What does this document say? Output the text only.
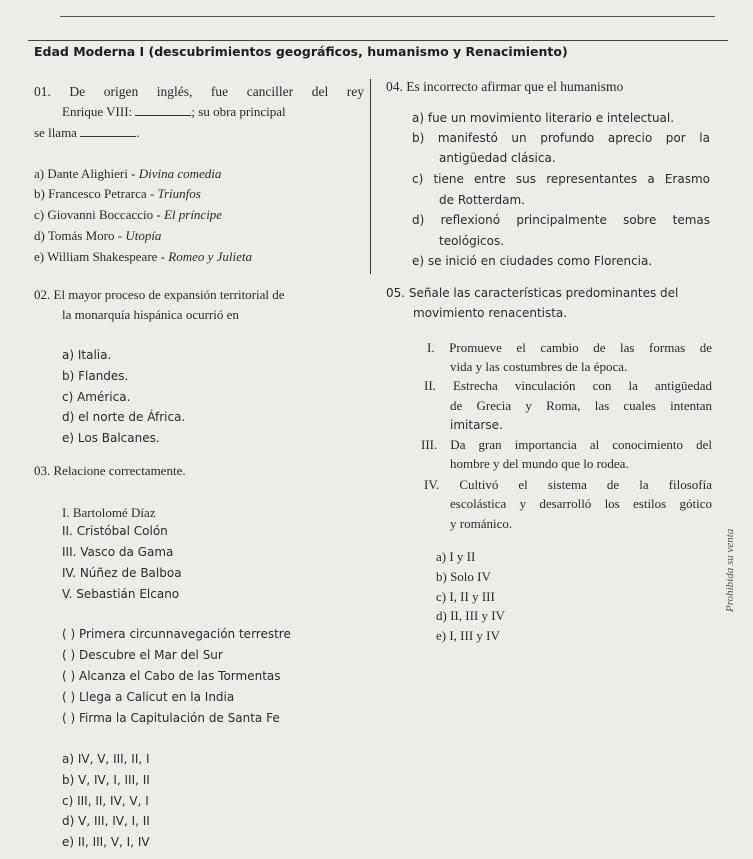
Edad Moderna I (descubrimientos geográficos, humanismo y Renacimiento)
01. De origen inglés, fue canciller del rey
Enrique VIII:	; su obra principal
se llama	.
a) Dante Alighieri - Divina comedia
b) Francesco Petrarca - Triunfos
c) Giovanni Boccaccio - El príncipe
d) Tomás Moro - Utopía
e) William Shakespeare - Romeo y Julieta
02. El mayor proceso de expansión territorial de
la monarquía hispánica ocurrió en
a) Italia.
b) Flandes.
c) América.
d) el norte de África.
e) Los Balcanes.
03. Relacione correctamente.
I. Bartolomé Díaz
II. Cristóbal Colón
III. Vasco da Gama
IV. Núñez de Balboa
V. Sebastián Elcano
( ) Primera circunnavegación terrestre
( ) Descubre el Mar del Sur
( ) Alcanza el Cabo de las Tormentas
( ) Llega a Calicut en la India
( ) Firma la Capitulación de Santa Fe
a) IV, V, III, II, I
b) V, IV, I, III, II
c) III, II, IV, V, I
d) V, III, IV, I, II
e) II, III, V, I, IV
04. Es incorrecto afirmar que el humanismo
a) fue un movimiento literario e intelectual.
b) manifestó un profundo aprecio por la
antigüedad clásica.
c) tiene entre sus representantes a Erasmo
de Rotterdam.
d) reflexionó principalmente sobre temas
teológicos.
e) se inició en ciudades como Florencia.
05. Señale las características predominantes del
movimiento renacentista.
I. Promueve el cambio de las formas de
vida y las costumbres de la época.
II. Estrecha vinculación con la antigüedad
de Grecia y Roma, las cuales intentan
imitarse.
III. Da gran importancia al conocimiento del
hombre y del mundo que lo rodea.
IV. Cultivó el sistema de la filosofía
escolástica y desarrolló los estilos gótico
y románico.
a) I y II
b) Solo IV
c) I, II y III
d) II, III y IV
e) I, III y IV
Prohibida su venta
